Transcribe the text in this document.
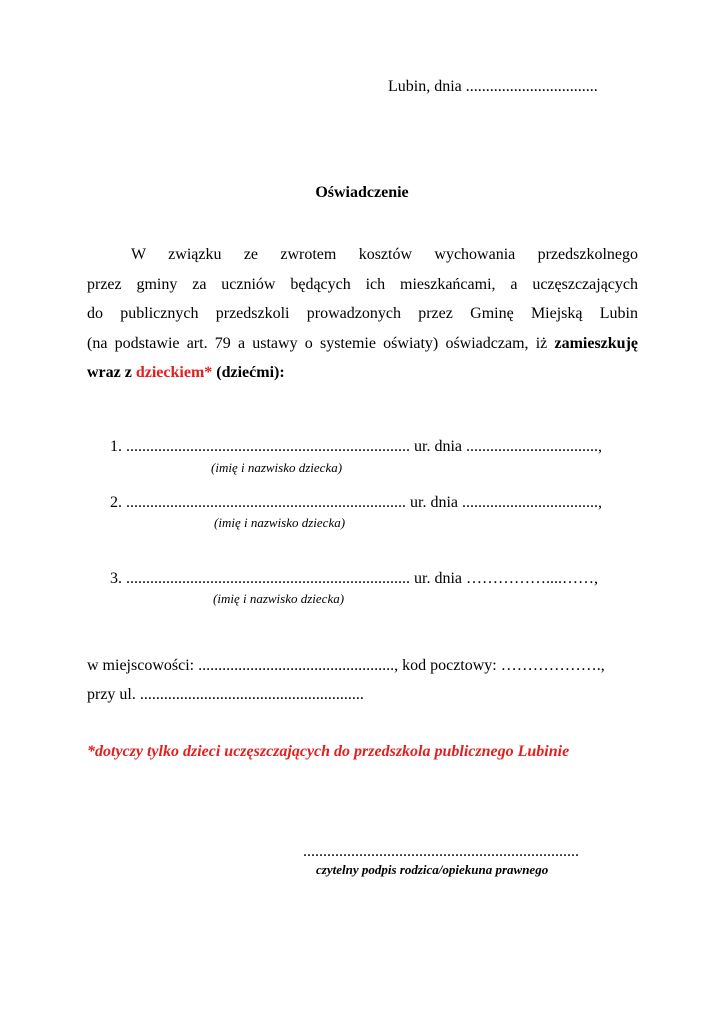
Lubin, dnia .................................
Oświadczenie
W związku ze zwrotem kosztów wychowania przedszkolnego
przez gminy za uczniów będących ich mieszkańcami, a uczęszczających
do publicznych przedszkoli prowadzonych przez Gminę Miejską Lubin
(na podstawie art. 79 a ustawy o systemie oświaty) oświadczam, iż zamieszkuję
wraz z dzieckiem* (dziećmi):
1. ....................................................................... ur. dnia .................................,
(imię i nazwisko dziecka)
2. ...................................................................... ur. dnia ..................................,
(imię i nazwisko dziecka)
3. ....................................................................... ur. dnia ……………....……,
(imię i nazwisko dziecka)
w miejscowości: ................................................., kod pocztowy: ……………….,
przy ul. ........................................................
*dotyczy tylko dzieci uczęszczających do przedszkola publicznego Lubinie
.....................................................................
czytelny podpis rodzica/opiekuna prawnego
